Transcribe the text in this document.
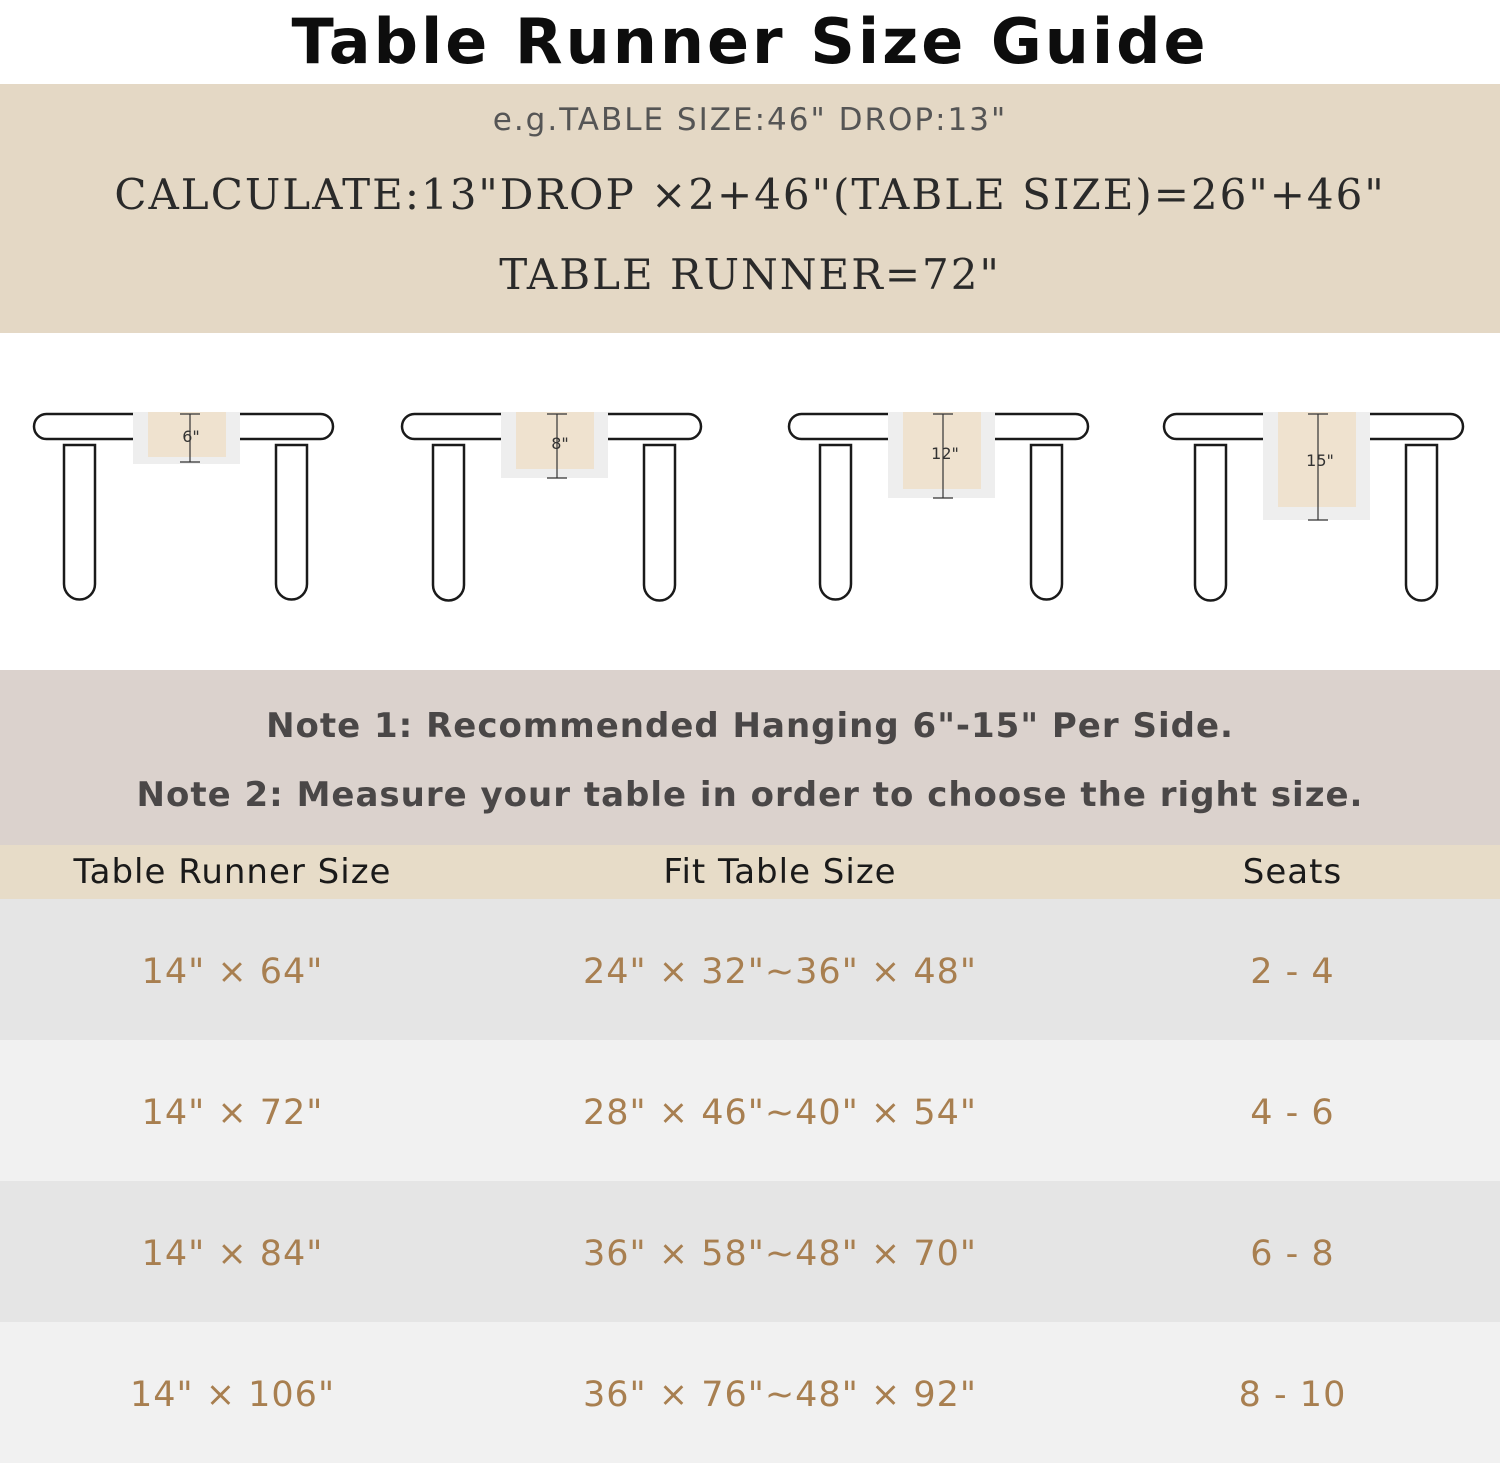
Table Runner Size Guide
e.g.TABLE SIZE:46" DROP:13"
CALCULATE:13"DROP ×2+46"(TABLE SIZE)=26"+46"
TABLE RUNNER=72"
6"	8"
12"	15"
Note 1: Recommended Hanging 6"-15" Per Side.
Note 2: Measure your table in order to choose the right size.
Table Runner Size	Fit Table Size	Seats
14" × 64"	24" × 32"~36" × 48"	2 - 4
14" × 72"	28" × 46"~40" × 54"	4 - 6
14" × 84"	36" × 58"~48" × 70"	6 - 8
14" × 106"	36" × 76"~48" × 92"	8 - 10
